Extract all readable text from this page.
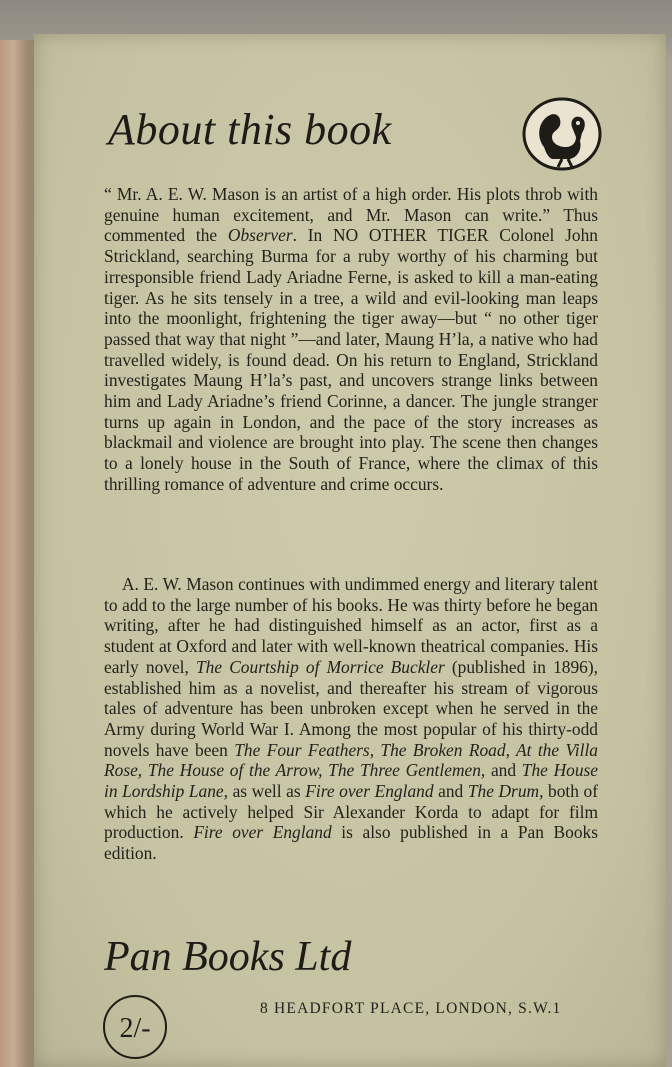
About this book

“ Mr. A. E. W. Mason is an artist of a high order. His plots throb with genuine human excitement, and Mr. Mason can write.” Thus commented the Observer. In NO OTHER TIGER Colonel John Strickland, searching Burma for a ruby worthy of his charming but irresponsible friend Lady Ariadne Ferne, is asked to kill a man-eating tiger. As he sits tensely in a tree, a wild and evil-looking man leaps into the moonlight, frightening the tiger away—but “ no other tiger passed that way that night ”—and later, Maung H’la, a native who had travelled widely, is found dead. On his return to England, Strickland investigates Maung H’la’s past, and uncovers strange links between him and Lady Ariadne’s friend Corinne, a dancer. The jungle stranger turns up again in London, and the pace of the story increases as blackmail and violence are brought into play. The scene then changes to a lonely house in the South of France, where the climax of this thrilling romance of adventure and crime occurs.

A. E. W. Mason continues with undimmed energy and literary talent to add to the large number of his books. He was thirty before he began writing, after he had distinguished himself as an actor, first as a student at Oxford and later with well-known theatrical companies. His early novel, The Courtship of Morrice Buckler (published in 1896), established him as a novelist, and thereafter his stream of vigorous tales of adventure has been unbroken except when he served in the Army during World War I. Among the most popular of his thirty-odd novels have been The Four Feathers, The Broken Road, At the Villa Rose, The House of the Arrow, The Three Gentlemen, and The House in Lordship Lane, as well as Fire over England and The Drum, both of which he actively helped Sir Alexander Korda to adapt for film production. Fire over England is also published in a Pan Books edition.

Pan Books Ltd

8 HEADFORT PLACE, LONDON, S.W.1

2/-
